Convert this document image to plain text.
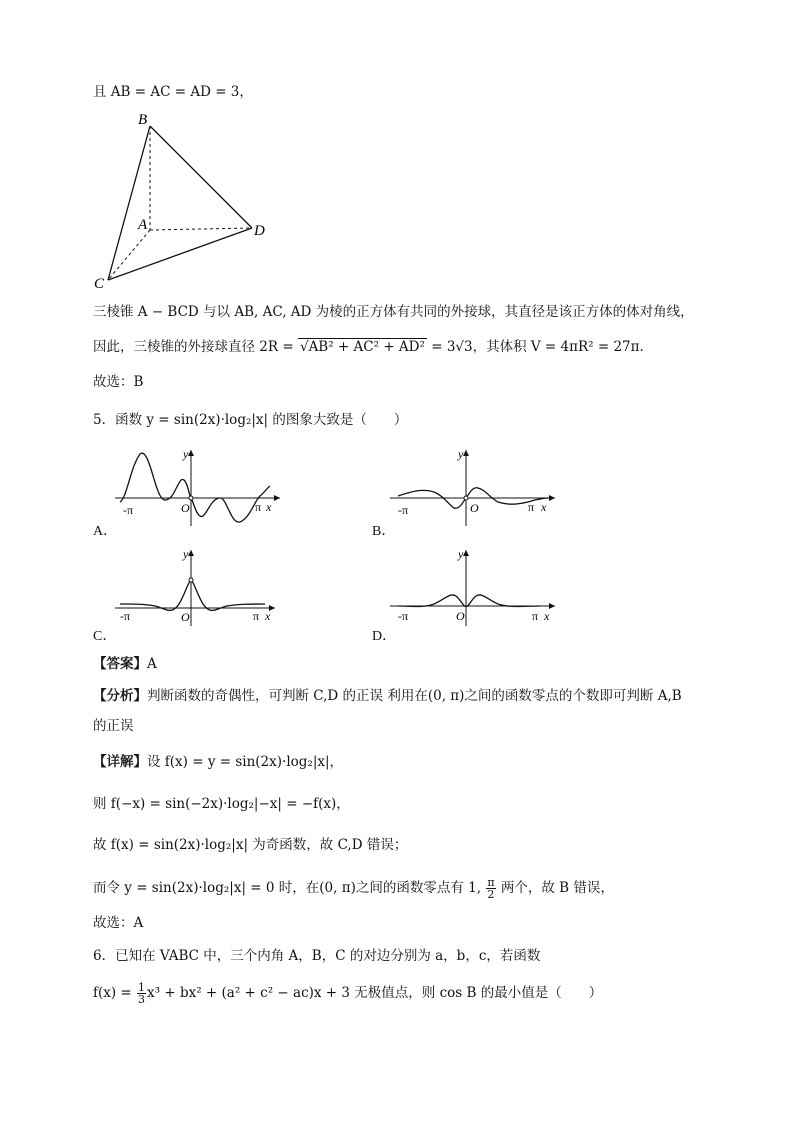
且 AB = AC = AD = 3，
B
A	D
C
三棱锥 A − BCD 与以 AB, AC, AD 为棱的正方体有共同的外接球，其直径是该正方体的体对角线，
因此，三棱锥的外接球直径 2R = √AB² + AC² + AD² = 3√3，其体积 V = 4πR² = 27π.
故选：B
5．函数 y = sin(2x)·log₂|x| 的图象大致是（　　）
-π	π x
y
O
A．
-π	π x
y
O
B．
-π	π x
y
O
C．
-π	π x
y
O
D．
【答案】A
【分析】判断函数的奇偶性，可判断 C,D 的正误 利用在(0, π)之间的函数零点的个数即可判断 A,B
的正误
【详解】设 f(x) = y = sin(2x)·log₂|x|，
则 f(−x) = sin(−2x)·log₂|−x| = −f(x)，
故 f(x) = sin(2x)·log₂|x| 为奇函数，故 C,D 错误；
而令 y = sin(2x)·log₂|x| = 0 时，在(0, π)之间的函数零点有 1, $\frac{\pi}{2}$ 两个，故 B 错误，
故选：A
6．已知在 VABC 中，三个内角 A，B，C 的对边分别为 a，b，c，若函数
$f(x) = \frac{1}{3} x^3 + bx^2 + (a^2 + c^2 - ac)x + 3$ 无极值点，则 cos B 的最小值是（　　）
